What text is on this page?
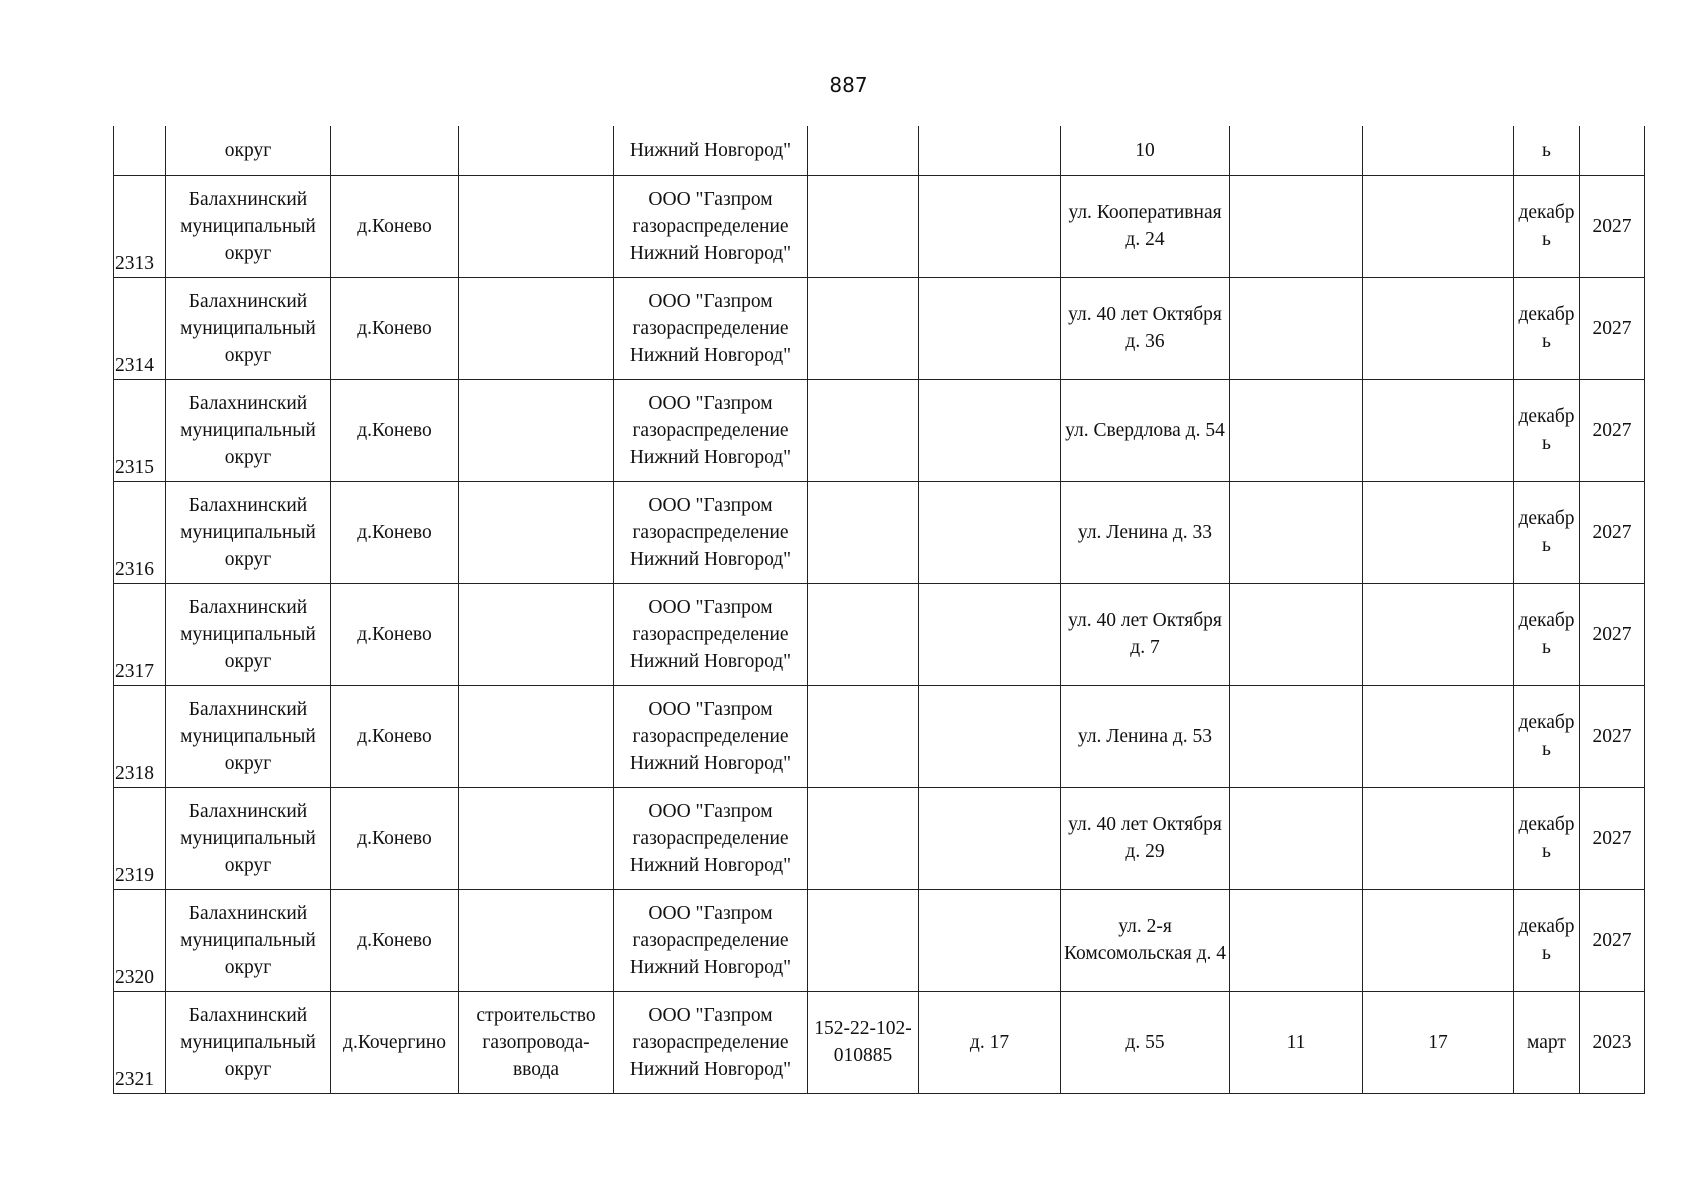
887
	округ			Нижний Новгород"			10			ь	
2313	Балахнинский муниципальный округ	д.Конево		ООО "Газпром газораспределение Нижний Новгород"			ул. Кооперативная д. 24			декабр ь	2027
2314	Балахнинский муниципальный округ	д.Конево		ООО "Газпром газораспределение Нижний Новгород"			ул. 40 лет Октября д. 36			декабр ь	2027
2315	Балахнинский муниципальный округ	д.Конево		ООО "Газпром газораспределение Нижний Новгород"			ул. Свердлова д. 54			декабр ь	2027
2316	Балахнинский муниципальный округ	д.Конево		ООО "Газпром газораспределение Нижний Новгород"			ул. Ленина д. 33			декабр ь	2027
2317	Балахнинский муниципальный округ	д.Конево		ООО "Газпром газораспределение Нижний Новгород"			ул. 40 лет Октября д. 7			декабр ь	2027
2318	Балахнинский муниципальный округ	д.Конево		ООО "Газпром газораспределение Нижний Новгород"			ул. Ленина д. 53			декабр ь	2027
2319	Балахнинский муниципальный округ	д.Конево		ООО "Газпром газораспределение Нижний Новгород"			ул. 40 лет Октября д. 29			декабр ь	2027
2320	Балахнинский муниципальный округ	д.Конево		ООО "Газпром газораспределение Нижний Новгород"			ул. 2-я Комсомольская д. 4			декабр ь	2027
2321	Балахнинский муниципальный округ	д.Кочергино	строительство газопровода-ввода	ООО "Газпром газораспределение Нижний Новгород"	152-22-102-010885	д. 17	д. 55	11	17	март	2023
